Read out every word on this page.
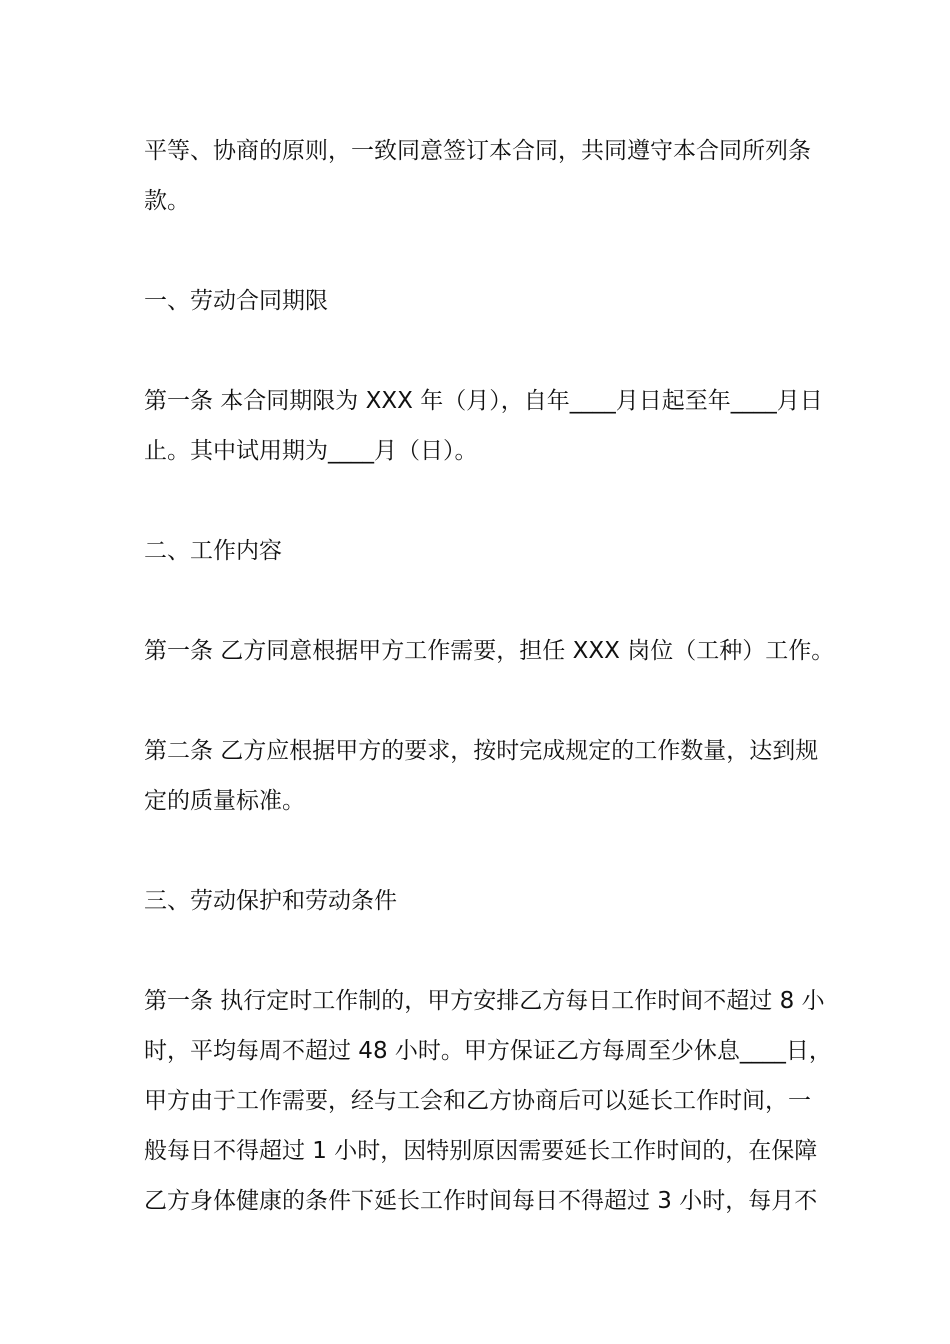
平等、协商的原则，一致同意签订本合同，共同遵守本合同所列条
款。
一、劳动合同期限
第一条 本合同期限为 XXX 年（月），自年____月日起至年____月日
止。其中试用期为____月（日）。
二、工作内容
第一条 乙方同意根据甲方工作需要，担任 XXX 岗位（工种）工作。
第二条 乙方应根据甲方的要求，按时完成规定的工作数量，达到规
定的质量标准。
三、劳动保护和劳动条件
第一条 执行定时工作制的，甲方安排乙方每日工作时间不超过 8 小
时，平均每周不超过 48 小时。甲方保证乙方每周至少休息____日，
甲方由于工作需要，经与工会和乙方协商后可以延长工作时间，一
般每日不得超过 1 小时，因特别原因需要延长工作时间的，在保障
乙方身体健康的条件下延长工作时间每日不得超过 3 小时，每月不
